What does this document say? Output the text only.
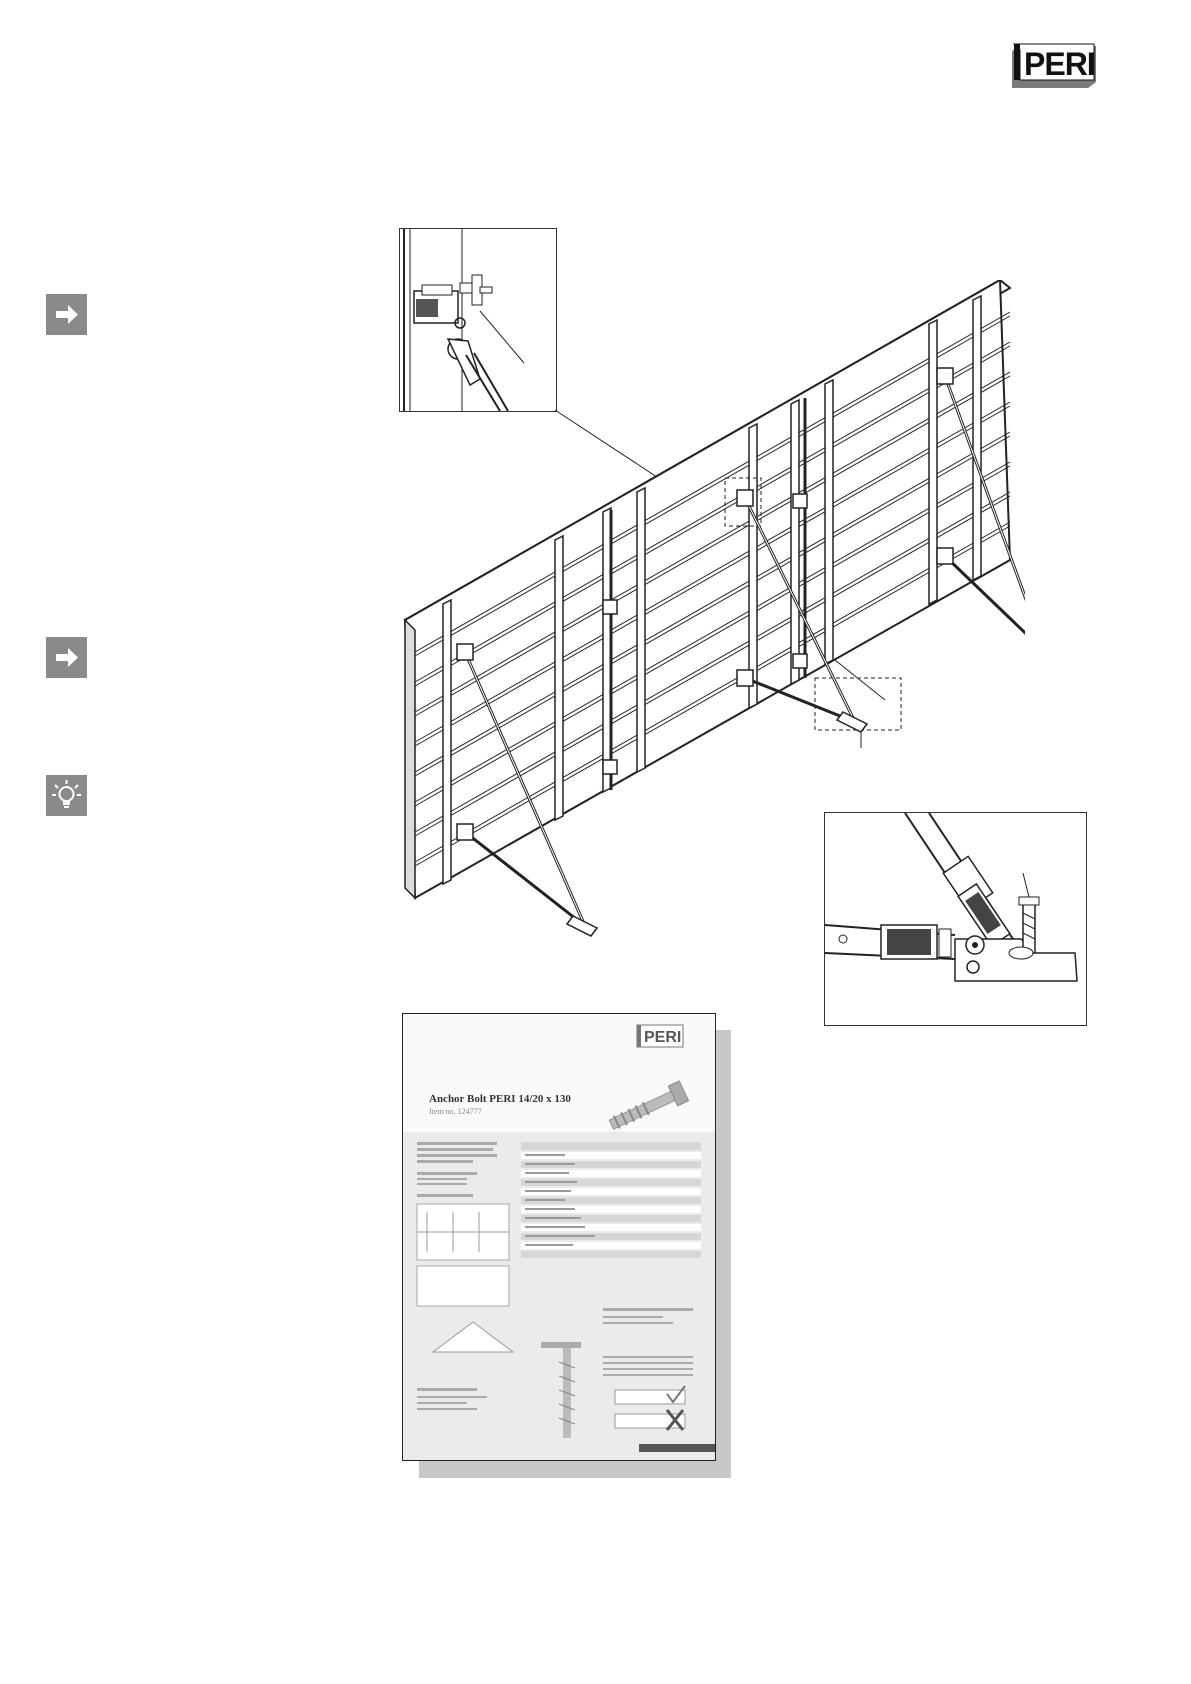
PERI
PERI
Anchor Bolt PERI 14/20 x 130
Item no. 124777
